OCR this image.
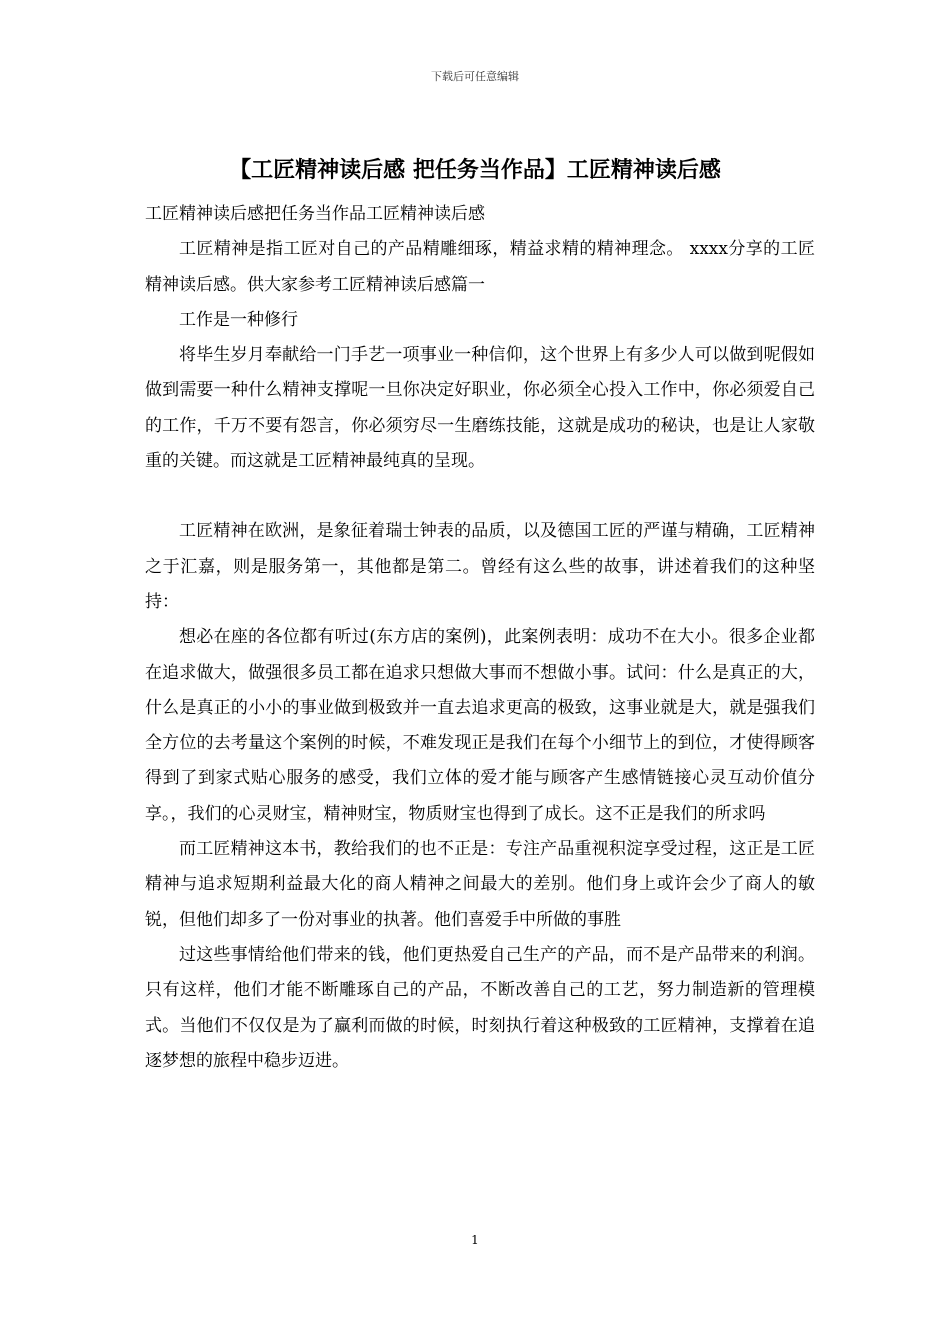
下载后可任意编辑
【工匠精神读后感 把任务当作品】工匠精神读后感

工匠精神读后感把任务当作品工匠精神读后感

工匠精神是指工匠对自己的产品精雕细琢，精益求精的精神理念。 xxxx分享的工匠精神读后感。供大家参考工匠精神读后感篇一

工作是一种修行

将毕生岁月奉献给一门手艺一项事业一种信仰，这个世界上有多少人可以做到呢假如做到需要一种什么精神支撑呢一旦你决定好职业，你必须全心投入工作中，你必须爱自己的工作，千万不要有怨言，你必须穷尽一生磨练技能，这就是成功的秘诀，也是让人家敬重的关键。而这就是工匠精神最纯真的呈现。

工匠精神在欧洲，是象征着瑞士钟表的品质，以及德国工匠的严谨与精确，工匠精神之于汇嘉，则是服务第一，其他都是第二。曾经有这么些的故事，讲述着我们的这种坚持：

想必在座的各位都有听过(东方店的案例)，此案例表明：成功不在大小。很多企业都在追求做大，做强很多员工都在追求只想做大事而不想做小事。试问：什么是真正的大，什么是真正的小小的事业做到极致并一直去追求更高的极致，这事业就是大，就是强我们全方位的去考量这个案例的时候，不难发现正是我们在每个小细节上的到位，才使得顾客得到了到家式贴心服务的感受，我们立体的爱才能与顾客产生感情链接心灵互动价值分享。，我们的心灵财宝，精神财宝，物质财宝也得到了成长。这不正是我们的所求吗

而工匠精神这本书，教给我们的也不正是：专注产品重视积淀享受过程，这正是工匠精神与追求短期利益最大化的商人精神之间最大的差别。他们身上或许会少了商人的敏锐，但他们却多了一份对事业的执著。他们喜爱手中所做的事胜

过这些事情给他们带来的钱，他们更热爱自己生产的产品，而不是产品带来的利润。只有这样，他们才能不断雕琢自己的产品，不断改善自己的工艺，努力制造新的管理模式。当他们不仅仅是为了赢利而做的时候，时刻执行着这种极致的工匠精神，支撑着在追逐梦想的旅程中稳步迈进。

1
